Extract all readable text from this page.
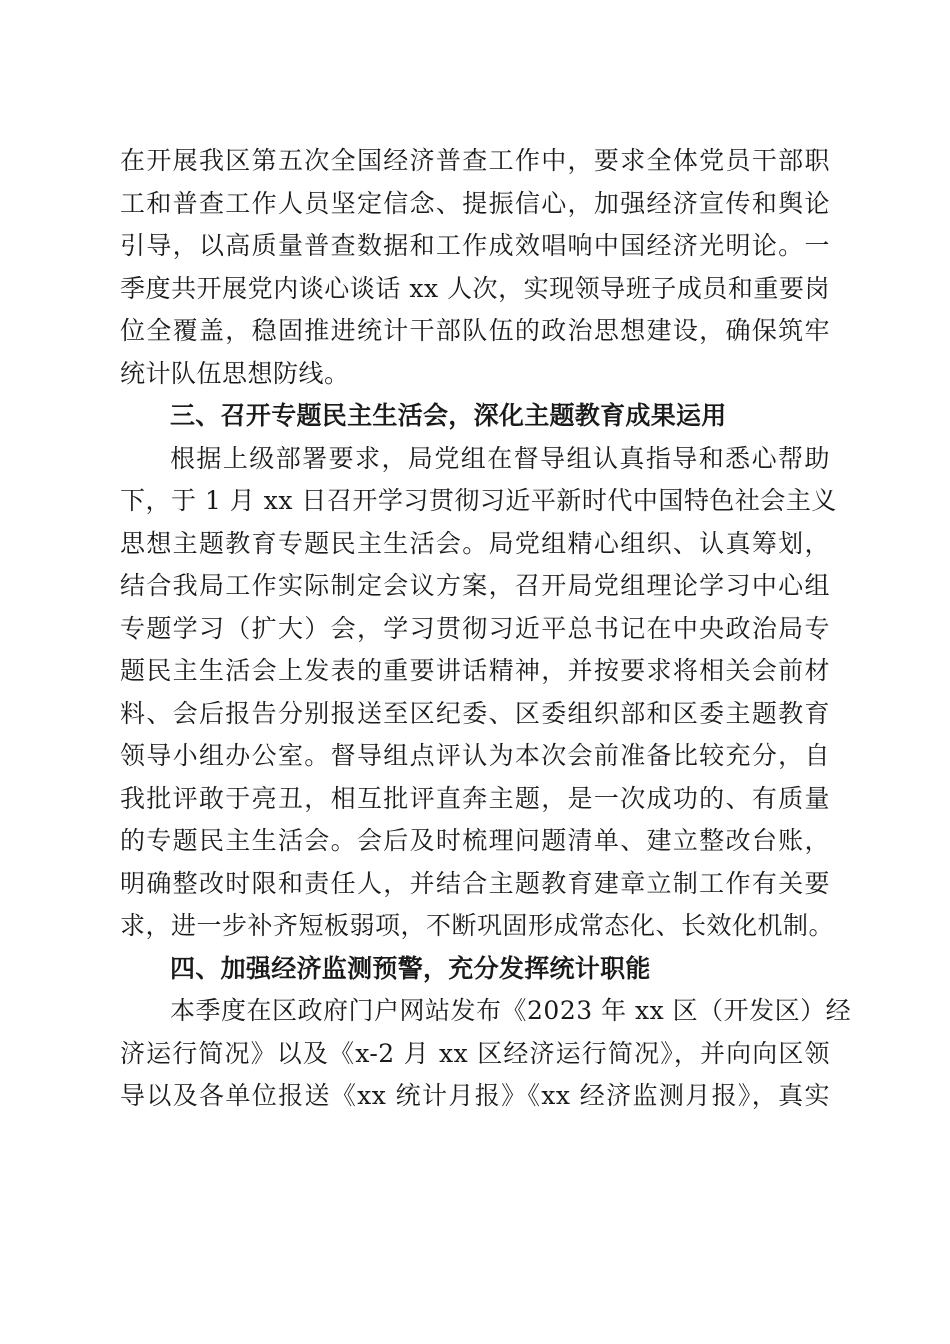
在开展我区第五次全国经济普查工作中，要求全体党员干部职
工和普查工作人员坚定信念、提振信心，加强经济宣传和舆论
引导，以高质量普查数据和工作成效唱响中国经济光明论。一
季度共开展党内谈心谈话 xx 人次，实现领导班子成员和重要岗
位全覆盖，稳固推进统计干部队伍的政治思想建设，确保筑牢
统计队伍思想防线。
三、召开专题民主生活会，深化主题教育成果运用
根据上级部署要求，局党组在督导组认真指导和悉心帮助
下，于 1 月 xx 日召开学习贯彻习近平新时代中国特色社会主义
思想主题教育专题民主生活会。局党组精心组织、认真筹划，
结合我局工作实际制定会议方案，召开局党组理论学习中心组
专题学习（扩大）会，学习贯彻习近平总书记在中央政治局专
题民主生活会上发表的重要讲话精神，并按要求将相关会前材
料、会后报告分别报送至区纪委、区委组织部和区委主题教育
领导小组办公室。督导组点评认为本次会前准备比较充分，自
我批评敢于亮丑，相互批评直奔主题，是一次成功的、有质量
的专题民主生活会。会后及时梳理问题清单、建立整改台账，
明确整改时限和责任人，并结合主题教育建章立制工作有关要
求，进一步补齐短板弱项，不断巩固形成常态化、长效化机制。
四、加强经济监测预警，充分发挥统计职能
本季度在区政府门户网站发布《2023 年 xx 区（开发区）经
济运行简况》以及《x-2 月 xx 区经济运行简况》，并向向区领
导以及各单位报送《xx 统计月报》《xx 经济监测月报》，真实
